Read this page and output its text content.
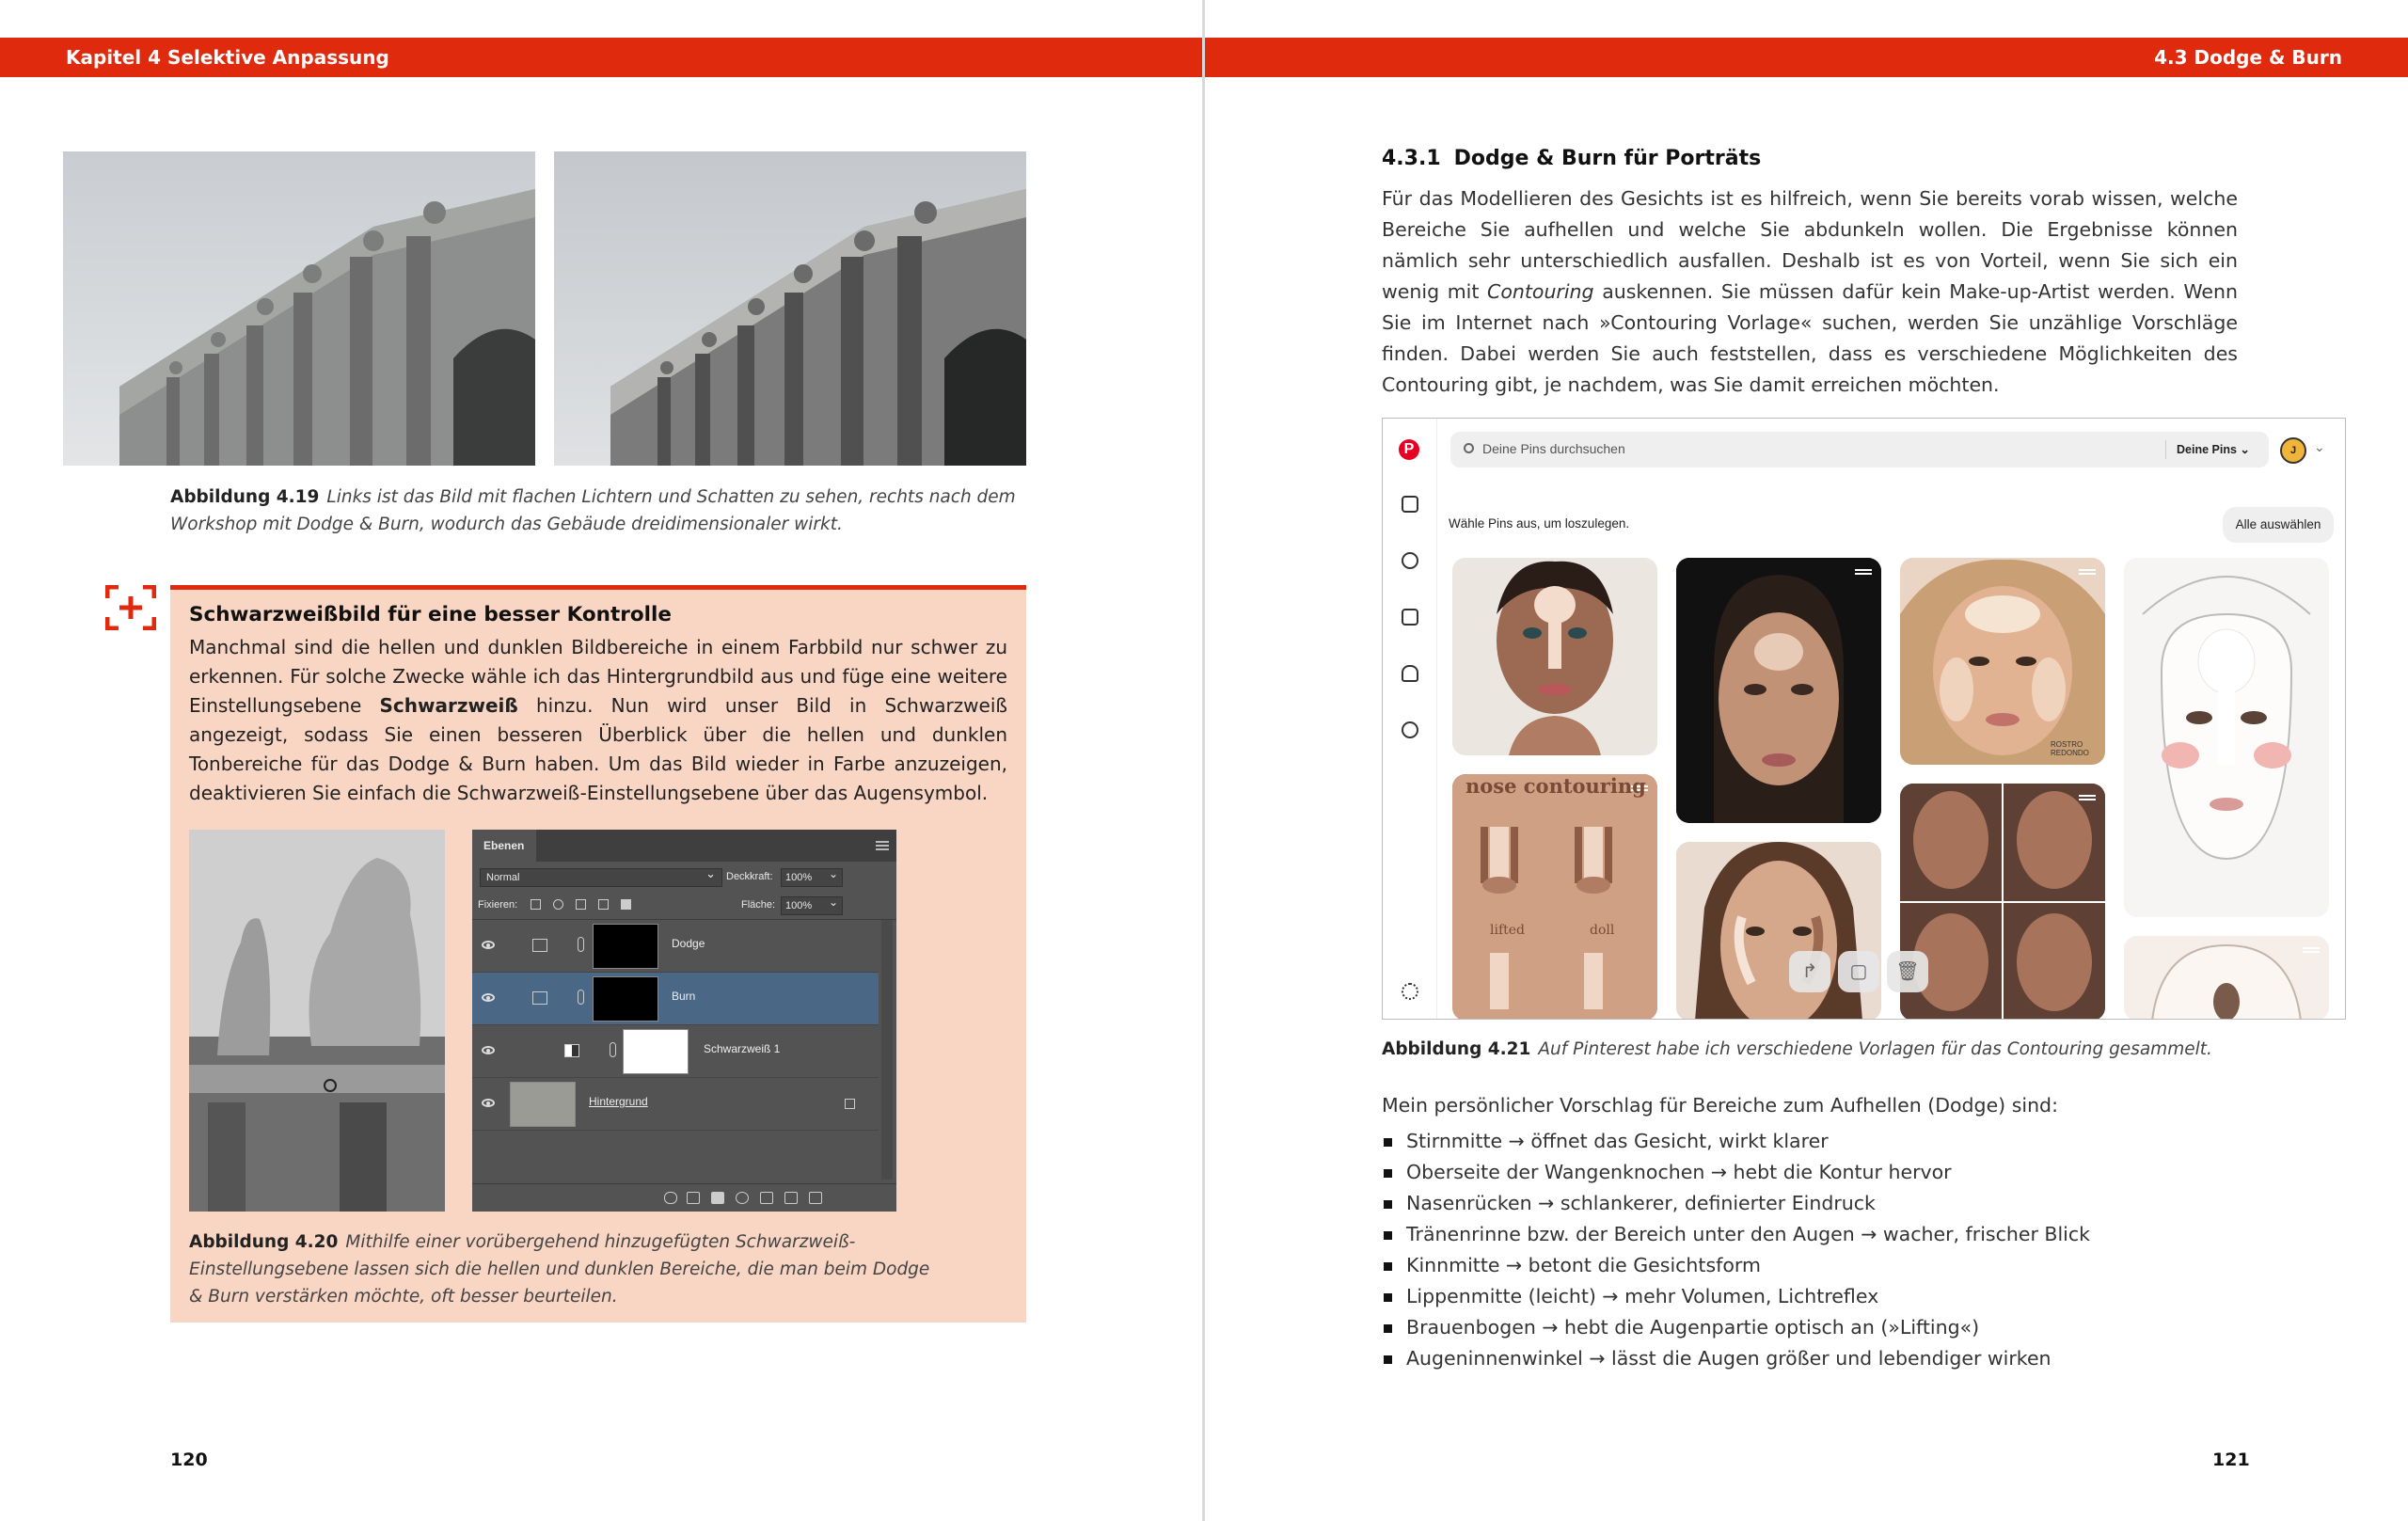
Kapitel 4 Selektive Anpassung
Abbildung 4.19 Links ist das Bild mit flachen Lichtern und Schatten zu sehen, rechts nach dem Workshop mit Dodge & Burn, wodurch das Gebäude dreidimensionaler wirkt.
Schwarzweißbild für eine besser Kontrolle
Manchmal sind die hellen und dunklen Bildbereiche in einem Farbbild nur schwer zu erkennen. Für solche Zwecke wähle ich das Hintergrundbild aus und füge eine weitere Einstellungsebene Schwarzweiß hinzu. Nun wird unser Bild in Schwarzweiß angezeigt, sodass Sie einen besseren Überblick über die hellen und dunklen Tonbereiche für das Dodge & Burn haben. Um das Bild wieder in Farbe anzuzeigen, deaktivieren Sie einfach die Schwarzweiß-Einstellungsebene über das Augensymbol.
Ebenen
Normal ⌄	Deckkraft:	100% ⌄
Fixieren:	Fläche: 100% ⌄
Dodge
Burn
Schwarzweiß 1
Hintergrund
Abbildung 4.20 Mithilfe einer vorübergehend hinzugefügten Schwarzweiß-Einstellungsebene lassen sich die hellen und dunklen Bereiche, die man beim Dodge & Burn verstärken möchte, oft besser beurteilen.
120
4.3 Dodge & Burn
4.3.1 Dodge & Burn für Porträts
Für das Modellieren des Gesichts ist es hilfreich, wenn Sie bereits vorab wissen, welche Bereiche Sie aufhellen und welche Sie abdunkeln wollen. Die Ergebnisse können nämlich sehr unterschiedlich ausfallen. Deshalb ist es von Vorteil, wenn Sie sich ein wenig mit Contouring auskennen. Sie müssen dafür kein Make-up-Artist werden. Wenn Sie im Internet nach »Contouring Vorlage« suchen, werden Sie unzählige Vorschläge finden. Dabei werden Sie auch feststellen, dass es verschiedene Möglichkeiten des Contouring gibt, je nachdem, was Sie damit erreichen möchten.
P	Deine Pins durchsuchen	Deine Pins ⌄	J	⌄
Wähle Pins aus, um loszulegen.	Alle auswählen
nose contouring
lifted	doll
ROSTRO REDONDO
↱	▢	🗑
Abbildung 4.21 Auf Pinterest habe ich verschiedene Vorlagen für das Contouring gesammelt.
Mein persönlicher Vorschlag für Bereiche zum Aufhellen (Dodge) sind:
Stirnmitte → öffnet das Gesicht, wirkt klarer
Oberseite der Wangenknochen → hebt die Kontur hervor
Nasenrücken → schlankerer, definierter Eindruck
Tränenrinne bzw. der Bereich unter den Augen → wacher, frischer Blick
Kinnmitte → betont die Gesichtsform
Lippenmitte (leicht) → mehr Volumen, Lichtreflex
Brauenbogen → hebt die Augenpartie optisch an (»Lifting«)
Augeninnenwinkel → lässt die Augen größer und lebendiger wirken
121
